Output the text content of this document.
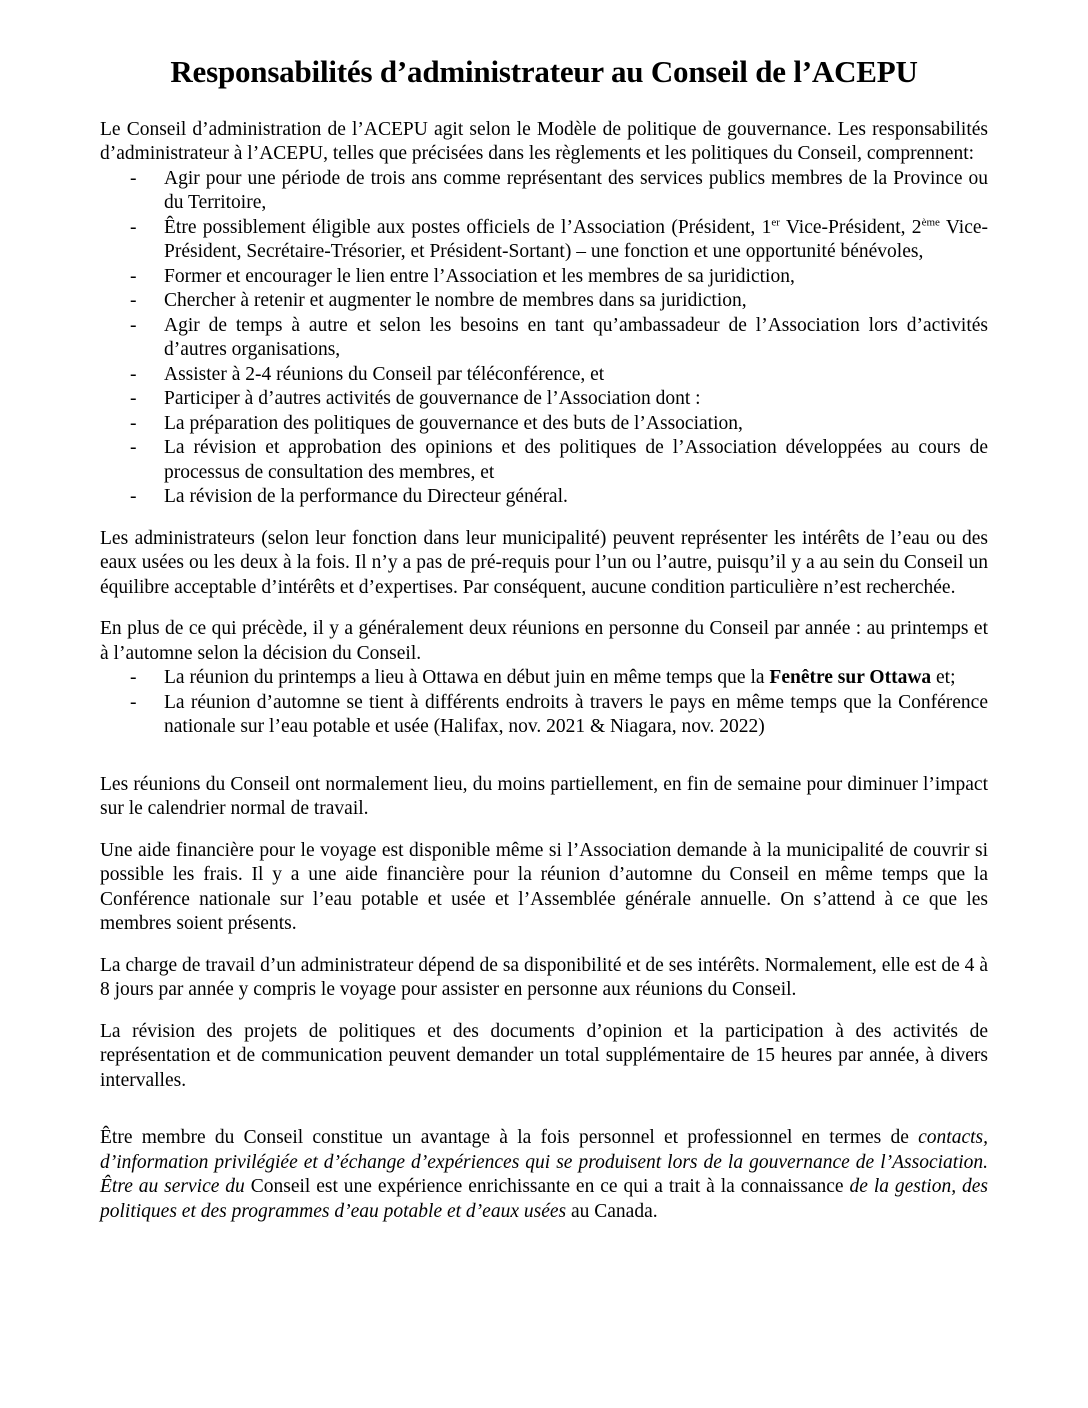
Responsabilités d’administrateur au Conseil de l’ACEPU

Le Conseil d’administration de l’ACEPU agit selon le Modèle de politique de gouvernance. Les responsabilités d’administrateur à l’ACEPU, telles que précisées dans les règlements et les politiques du Conseil, comprennent:

- Agir pour une période de trois ans comme représentant des services publics membres de la Province ou du Territoire,
- Être possiblement éligible aux postes officiels de l’Association (Président, 1er Vice-Président, 2ème Vice- Président, Secrétaire-Trésorier, et Président-Sortant) – une fonction et une opportunité bénévoles,
- Former et encourager le lien entre l’Association et les membres de sa juridiction,
- Chercher à retenir et augmenter le nombre de membres dans sa juridiction,
- Agir de temps à autre et selon les besoins en tant qu’ambassadeur de l’Association lors d’activités d’autres organisations,
- Assister à 2-4 réunions du Conseil par téléconférence, et
- Participer à d’autres activités de gouvernance de l’Association dont :
- La préparation des politiques de gouvernance et des buts de l’Association,
- La révision et approbation des opinions et des politiques de l’Association développées au cours de processus de consultation des membres, et
- La révision de la performance du Directeur général.

Les administrateurs (selon leur fonction dans leur municipalité) peuvent représenter les intérêts de l’eau ou des eaux usées ou les deux à la fois. Il n’y a pas de pré-requis pour l’un ou l’autre, puisqu’il y a au sein du Conseil un équilibre acceptable d’intérêts et d’expertises. Par conséquent, aucune condition particulière n’est recherchée.

En plus de ce qui précède, il y a généralement deux réunions en personne du Conseil par année : au printemps et à l’automne selon la décision du Conseil.

- La réunion du printemps a lieu à Ottawa en début juin en même temps que la Fenêtre sur Ottawa et;
- La réunion d’automne se tient à différents endroits à travers le pays en même temps que la Conférence nationale sur l’eau potable et usée (Halifax, nov. 2021 & Niagara, nov. 2022)

Les réunions du Conseil ont normalement lieu, du moins partiellement, en fin de semaine pour diminuer l’impact sur le calendrier normal de travail.

Une aide financière pour le voyage est disponible même si l’Association demande à la municipalité de couvrir si possible les frais. Il y a une aide financière pour la réunion d’automne du Conseil en même temps que la Conférence nationale sur l’eau potable et usée et l’Assemblée générale annuelle. On s’attend à ce que les membres soient présents.

La charge de travail d’un administrateur dépend de sa disponibilité et de ses intérêts. Normalement, elle est de 4 à 8 jours par année y compris le voyage pour assister en personne aux réunions du Conseil.

La révision des projets de politiques et des documents d’opinion et la participation à des activités de représentation et de communication peuvent demander un total supplémentaire de 15 heures par année, à divers intervalles.

Être membre du Conseil constitue un avantage à la fois personnel et professionnel en termes de contacts, d’information privilégiée et d’échange d’expériences qui se produisent lors de la gouvernance de l’Association. Être au service du Conseil est une expérience enrichissante en ce qui a trait à la connaissance de la gestion, des politiques et des programmes d’eau potable et d’eaux usées au Canada.
